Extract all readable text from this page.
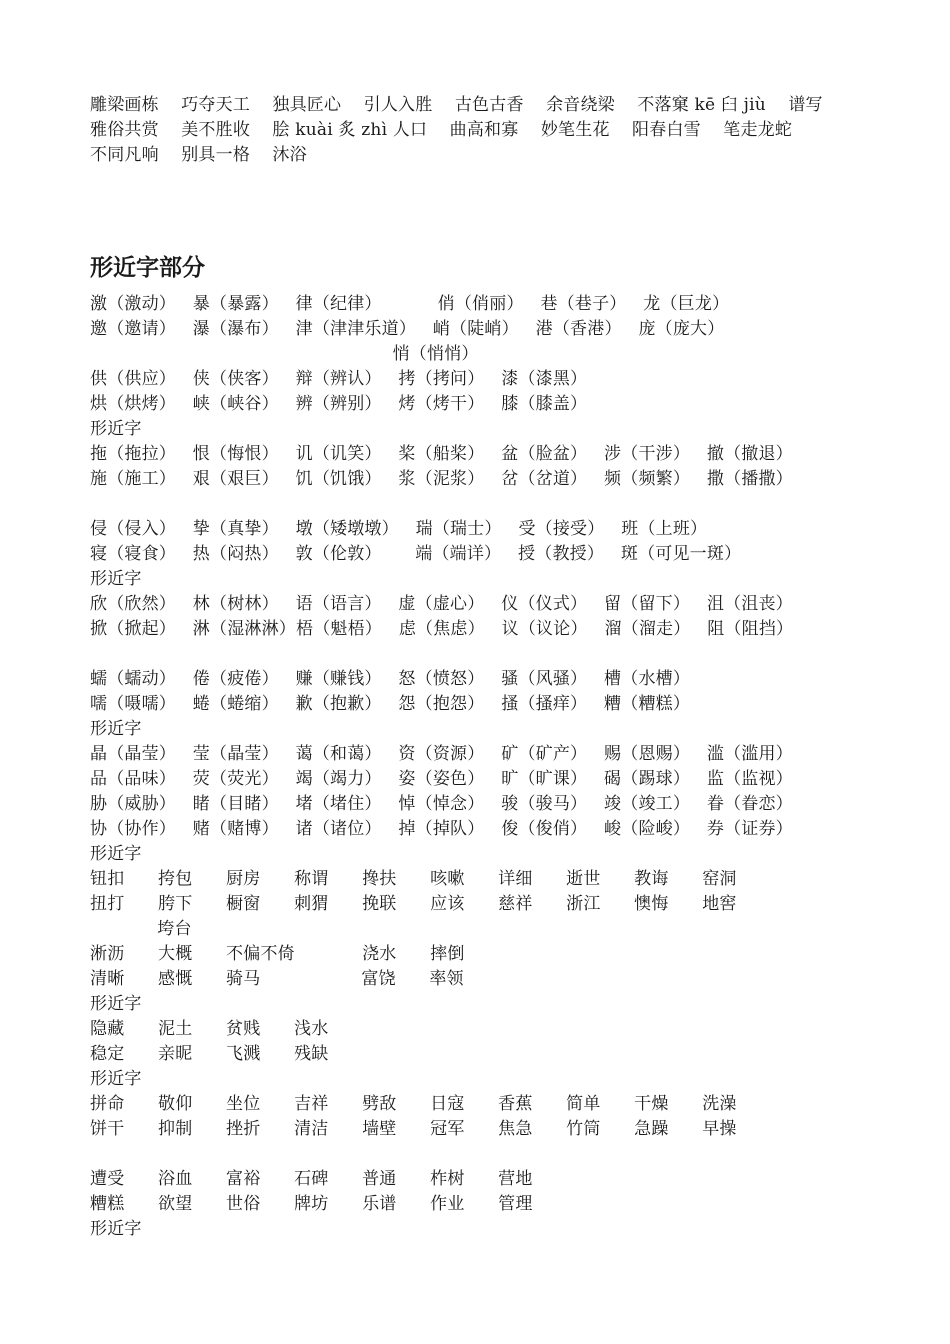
雕梁画栋    巧夺天工    独具匠心    引人入胜    古色古香    余音绕梁    不落窠 kē 臼 jiù    谱写
雅俗共赏    美不胜收    脍 kuài 炙 zhì 人口    曲高和寡    妙笔生花    阳春白雪    笔走龙蛇
不同凡响    别具一格    沐浴
形近字部分
激（激动）   暴（暴露）   律（纪律）          俏（俏丽）   巷（巷子）   龙（巨龙）
邀（邀请）   瀑（瀑布）   津（津津乐道）   峭（陡峭）   港（香港）   庞（庞大）
悄（悄悄）
供（供应）   侠（侠客）   辩（辨认）   拷（拷问）   漆（漆黑）
烘（烘烤）   峡（峡谷）   辨（辨别）   烤（烤干）   膝（膝盖）
形近字
拖（拖拉）   恨（悔恨）   讥（讥笑）   桨（船桨）   盆（脸盆）   涉（干涉）   撤（撤退）
施（施工）   艰（艰巨）   饥（饥饿）   浆（泥浆）   岔（岔道）   频（频繁）   撒（播撒）
侵（侵入）   挚（真挚）   墩（矮墩墩）   瑞（瑞士）   受（接受）   班（上班）
寝（寝食）   热（闷热）   敦（伦敦）      端（端详）   授（教授）   斑（可见一斑）
形近字
欣（欣然）   林（树林）   语（语言）   虚（虚心）   仪（仪式）   留（留下）   沮（沮丧）
掀（掀起）   淋（湿淋淋）梧（魁梧）   虑（焦虑）   议（议论）   溜（溜走）   阻（阻挡）
蠕（蠕动）   倦（疲倦）   赚（赚钱）   怒（愤怒）   骚（风骚）   槽（水槽）
嚅（嗫嚅）   蜷（蜷缩）   歉（抱歉）   怨（抱怨）   搔（搔痒）   糟（糟糕）
形近字
晶（晶莹）   莹（晶莹）   蔼（和蔼）   资（资源）   矿（矿产）   赐（恩赐）   滥（滥用）
品（品味）   荧（荧光）   竭（竭力）   姿（姿色）   旷（旷课）   碣（踢球）   监（监视）
胁（威胁）   睹（目睹）   堵（堵住）   悼（悼念）   骏（骏马）   竣（竣工）   眷（眷恋）
协（协作）   赌（赌博）   诸（诸位）   掉（掉队）   俊（俊俏）   峻（险峻）   券（证券）
形近字
钮扣      挎包      厨房      称谓      搀扶      咳嗽      详细      逝世      教诲      窑洞
扭打      胯下      橱窗      刺猬      挽联      应该      慈祥      浙江      懊悔      地窖
垮台
淅沥      大概      不偏不倚            浇水      摔倒
清晰      感慨      骑马                  富饶      率领
形近字
隐藏      泥土      贫贱      浅水
稳定      亲昵      飞溅      残缺
形近字
拼命      敬仰      坐位      吉祥      劈敌      日寇      香蕉      简单      干燥      洗澡
饼干      抑制      挫折      清洁      墙壁      冠军      焦急      竹筒      急躁      早操
遭受      浴血      富裕      石碑      普通      柞树      营地
糟糕      欲望      世俗      牌坊      乐谱      作业      管理
形近字
